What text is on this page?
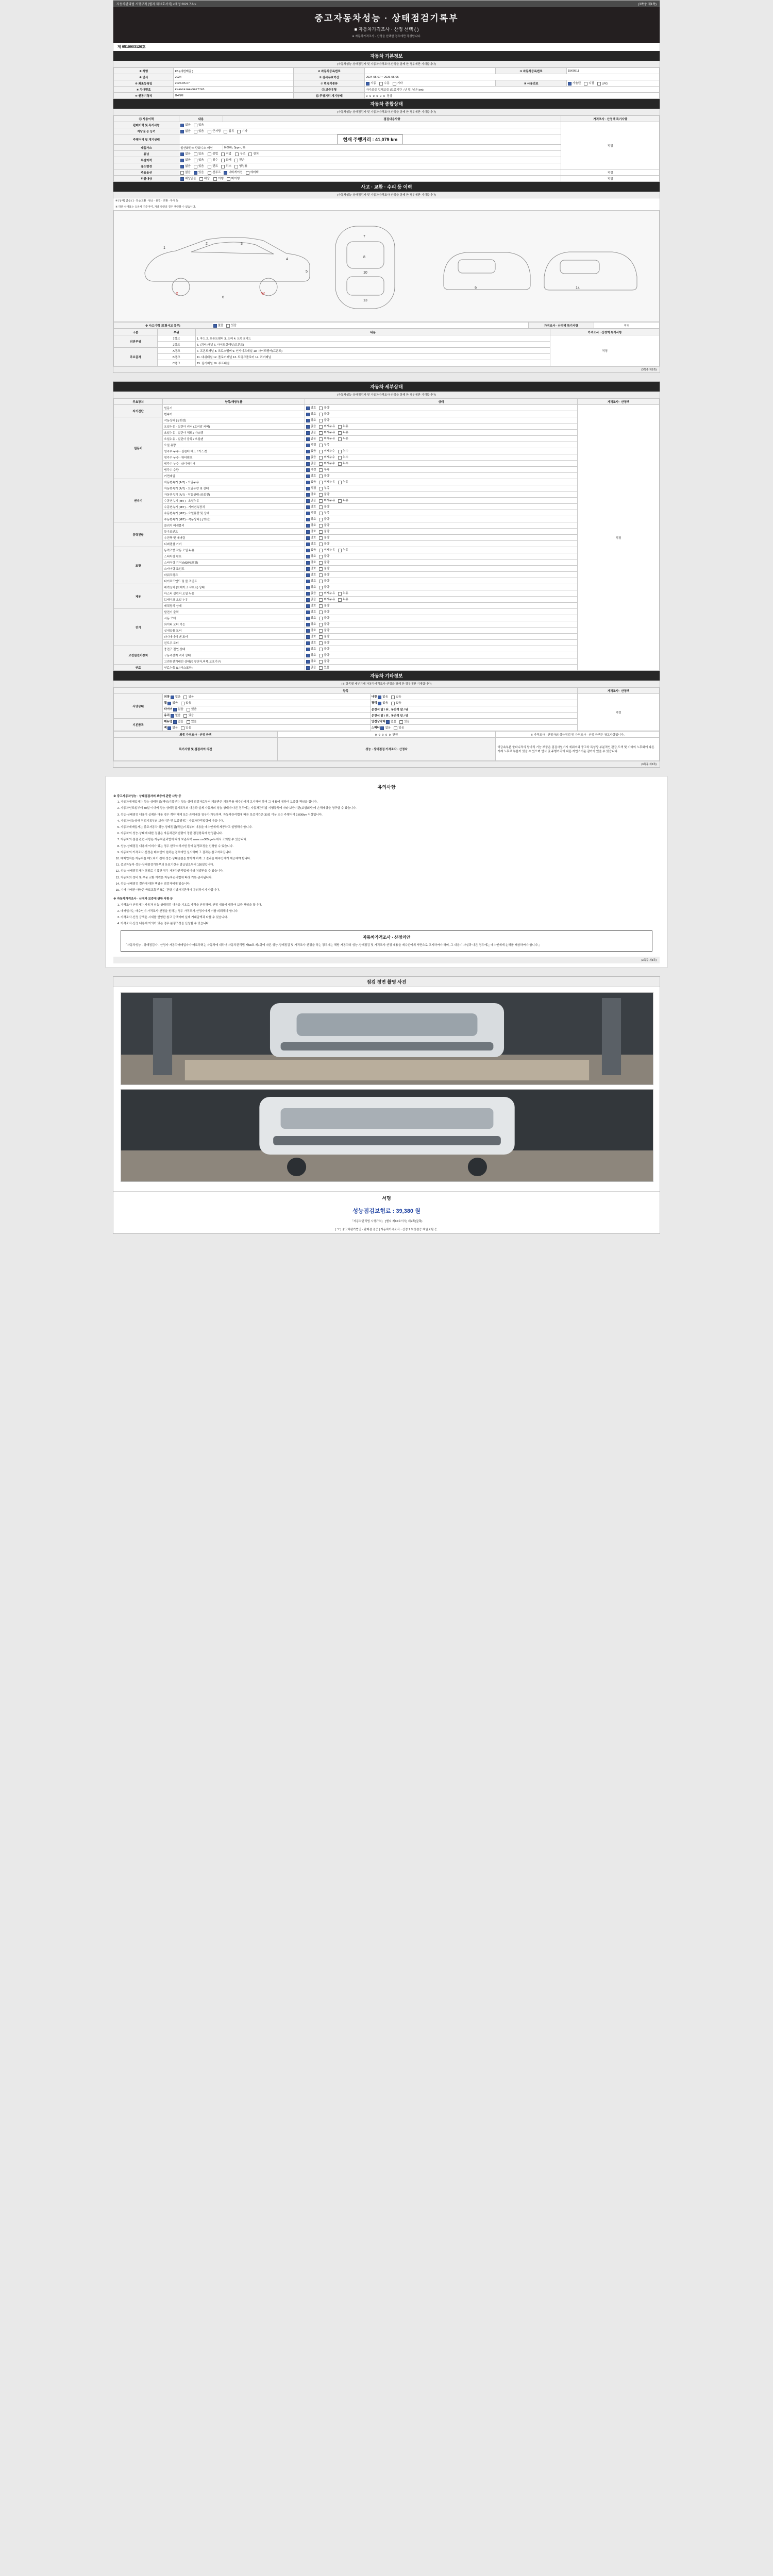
자동차관리법 시행규칙 [별지 제82호서식] <개정 2021.7.6.>	(3쪽중 제1쪽)
중고자동차성능 · 상태점검기록부
■ 자동차가격조사 · 산정 선택 ( )
※ 자동차가격조사 · 산정을 선택한 경우에만 작성합니다.
제 9510903120호
자동차 기본정보
(자동차성능·상태점검자 및 자동차가격조사·산정을 함께 한 경우에만 기재합니다)
① 차명	K5 (세번째골 )	② 자동차등록번호		③ 자동차등록번호	15K0511
④ 연식	2024	⑤ 검사유효기간	2024-05-07 ~ 2026-05-06		
⑥ 최초등록일	2024-05-07	⑦ 변속기종류	자동 수동 기타	⑧ 사용연료	가솔린 디젤 LPG
⑨ 차대번호	KNAG241WAN5977705	⑪ 보증유형	자가보증 업체보증 (보증기간 : 년 월, 남은 km)		
⑩ 원동기형식	G4NM	⑫ 주행거리 계기상태	0 0 0 0 0 0 정상		
자동차 종합상태
(자동차성능·상태점검자 및 자동차가격조사·산정을 함께 한 경우에만 기재합니다)
⑬ 사용이력	내용	점검내용사항	가격조사 · 산정액 특기사항
판매이력 및 특기사항	없음 있음		적정
저당권 등 등기	없음 있음 근저당 압류 기타		
주행거리 및 계기상태	현재 주행거리 : 41,079 km		

배출가스	일산화탄소 탄화수소 매연	0.00%, 3ppm, %	
튜닝	없음 있음 불법 적법 구조 장치		
특별이력	없음 있음 침수 화재 전손		
용도변경	없음 있음 렌트 리스 영업용		
주요옵션	없음 있음 선루프 내비게이션 에어백		적정
리콜대상	해당없음 해당 이행 미이행		적정
사고 · 교환 · 수리 등 이력
(자동차성능·상태점검자 및 자동차가격조사·산정을 함께 한 경우에만 기재합니다)
※ (상태) 없음 ( ) · 단순교환 · 판금 · 용접 · 교환 · 부식 등
※ 하단 상태표는 승용차 기준이며, 기타 차량의 경우 생략할 수 있습니다.
1
2	3
4
5
6
7
8
10
13
9	14
X	W
※ 사고이력 (보험사고 유무)	없음	있음	가격조사 · 산정액 특기사항	적정
구분	부위	내용	가격조사 · 산정액 특기사항
외판부위	1랭크	1. 후드 2. 프론트펜더 3. 도어 4. 트렁크리드	적정
	2랭크	5. (쿼터)패널 6. 사이드실패널(프론트)	
주요골격	A랭크	7. 프론트패널 8. 크로스멤버 9. 인사이드패널 10. 사이드멤버(프론트)	
	B랭크	11. 대쉬패널 12. 플로어패널 13. 트렁크플로어 14. 리어패널	
	C랭크	15. 필러패널 16. 루프패널	
(3쪽중 제1쪽)
자동차 세부상태
(자동차성능·상태점검자 및 자동차가격조사·산정을 함께 한 경우에만 기재합니다)
주요장치	항목/해당부품	상태	가격조사 · 산정액
자기진단	원동기	양호 불량	적정
	변속기	양호 불량	
원동기	작동상태 (공회전)	양호 불량	
	오일누유 - 실린더 커버 (로커암 커버)	없음 미세누유 누유	
	오일누유 - 실린더 헤드 / 가스켓	없음 미세누유 누유	
	오일누유 - 실린더 블록 / 오일팬	없음 미세누유 누유	
	오일 유량	적정 부족	
	냉각수 누수 - 실린더 헤드 / 가스켓	없음 미세누수 누수	
	냉각수 누수 - 워터펌프	없음 미세누수 누수	
	냉각수 누수 - 라디에이터	없음 미세누수 누수	
	냉각수 수량	적정 부족	
	커먼레일	양호 불량	
변속기	자동변속기 (A/T) - 오일누유	없음 미세누유 누유	
	자동변속기 (A/T) - 오일유량 및 상태	적정 부족	
	자동변속기 (A/T) - 작동상태 (공회전)	양호 불량	
	수동변속기 (M/T) - 오일누유	없음 미세누유 누유	
	수동변속기 (M/T) - 기어변속장치	양호 불량	
	수동변속기 (M/T) - 오일유량 및 상태	적정 부족	
	수동변속기 (M/T) - 작동상태 (공회전)	양호 불량	
동력전달	클러치 어셈블리	양호 불량	
	등속조인트	양호 불량	
	추진축 및 베어링	양호 불량	
	디퍼렌셜 기어	양호 불량	
조향	동력조향 작동 오일 누유	없음 미세누유 누유	
	스티어링 펌프	양호 불량	
	스티어링 기어 (MDPS포함)	양호 불량	
	스티어링 조인트	양호 불량	
	파워크랭크	양호 불량	
	타이로드엔드 및 볼 조인트	양호 불량	
제동	배력장치 (브레이크 샤프트) 상태	양호 불량	
	마스터 실린더 오일 누유	없음 미세누유 누유	
	브레이크 오일 누유	없음 미세누유 누유	
	배력장치 상태	양호 불량	
전기	발전기 출력	양호 불량	
	시동 모터	양호 불량	
	와이퍼 모터 기능	양호 불량	
	실내송풍 모터	양호 불량	
	라디에이터 팬 모터	양호 불량	
	윈도우 모터	양호 불량	
고전원전기장치	충전구 절연 상태	양호 불량	
	구동축전지 격리 상태	양호 불량	
	고전원전기배선 상태(접속단자,피복,보호기구)	양호 불량	
연료	연료누출 (LP가스포함)	없음 있음	
자동차 기타정보
(※ 항목별 세부기재 자동차가격조사·산정을 함께 한 경우에만 기재합니다)
항목			가격조사 · 산정액
사양상태	외장 없음 있음	내장 없음 있음	적정
	휠 없음 있음	광택 없음 있음	
	타이어 없음 있음	운전석 앞 / 뒤 , 동반석 앞 / 뒤	
	유리 없음 있음	운전석 앞 / 뒤 , 동반석 앞 / 뒤	
기본품목	매뉴얼 없음 있음	안전삼각대 없음 있음	
	잭 없음 있음	스패너 없음 있음	
최종 가격조사 · 산정 금액	0 0 0 0 0 만원	※ 가격조사 · 산정자의 성능점검 및 가격조사 · 산정 금액은 참고사항입니다.
특기사항 및 점검자의 의견	성능 · 상태점검 가격조사 · 산정자	비금속부분 줄파니적의 말바직 기능 부품은 검검사일버시 세워져와 중고차 특성상 부분적인 판금,도색 및 기타의 노후화에 따른 기계 노후로 부분이 있을 수 있으며 연식 및 주행거리에 따른 자연스러운 감가가 있을 수 있습니다.
(3쪽중 제2쪽)
유의사항
※ 중고자동차성능 · 상태점검자의 보증에 관한 사항 등
1. 자동차매매업자는 성능·상태점검(책임)기록부는 성능·상태 점검자로부터 제공받은 기록부를 매수인에게 고지해야 하며 그 내용에 대하여 보증할 책임을 집니다.
2. 자동차인도일부터 30일 이내에 성능·상태점검기록부의 내용과 실제 자동차의 성능·상태가 다른 경우에는 자동차관리법 시행규칙에 따라 보증기관(보험회사)에 손해배상을 청구할 수 있습니다.
3. 성능·상태점검 내용이 실제와 다를 경우 계약 해제 또는 손해배상 청구가 가능하며, 자동차관리법에 따른 보증기간은 30일 이상 또는 주행거리 2,000km 이상입니다.
4. 자동차성능상태 점검기록부의 보증기간 및 보증범위는 자동차관리법령에 따릅니다.
5. 자동차매매업자는 중고자동차 성능·상태점검(책임)기록부의 내용을 매수인에게 제공하고 설명해야 합니다.
6. 자동차의 성능·상태에 대한 점검은 자동차관리법령이 정한 점검항목에 한정됩니다.
7. 자동차의 점검 관련 사항은 자동차관리법에 따라 보존되며 www.car365.go.kr에서 조회할 수 있습니다.
8. 성능·상태점검 내용에 이의가 있는 경우 한국소비자원 등에 분쟁조정을 신청할 수 있습니다.
9. 자동차의 가격조사·산정은 매수인이 원하는 경우에만 실시하며 그 결과는 참고자료입니다.
10. 매매업자는 자동차를 매도하기 전에 성능·상태점검을 받아야 하며 그 결과를 매수인에게 제공해야 합니다.
11. 중고자동차 성능·상태점검기록부의 유효기간은 발급일로부터 120일입니다.
12. 성능·상태점검자가 허위로 기록한 경우 자동차관리법에 따라 처벌받을 수 있습니다.
13. 자동차의 정비 및 부품 교환 이력은 자동차관리법에 따라 기록·관리됩니다.
14. 성능·상태점검 결과에 대한 책임은 점검자에게 있습니다.
15. 기타 자세한 사항은 국토교통부 또는 관할 지방자치단체에 문의하시기 바랍니다.
※ 자동차가격조사 · 산정자 보증에 관한 사항 등
1. 가격조사·산정자는 자동차 성능·상태점검 내용을 기초로 가격을 산정하며, 산정 내용에 대하여 보증 책임을 집니다.
2. 매매업자는 매수인이 가격조사·산정을 원하는 경우 가격조사·산정자에게 이를 의뢰해야 합니다.
3. 가격조사·산정 금액은 시세를 반영한 참고 금액이며 실제 거래금액과 다를 수 있습니다.
4. 가격조사·산정 내용에 이의가 있는 경우 분쟁조정을 신청할 수 있습니다.
자동차가격조사 · 산정의안
「자동차성능 · 상태점검자 · 산정자 자동차매매업자가 매도하려는 자동차에 대하여 자동차관리법 제58조 제1항에 따른 성능·상태점검 및 가격조사·산정을 하는 경우에는 해당 자동차의 성능·상태점검 및 가격조사·산정 내용을 매수인에게 서면으로 고지하여야 하며, 그 내용이 사실과 다른 경우에는 매수인에게 손해를 배상하여야 합니다.」
(3쪽중 제3쪽)
점검 정면 촬영 사진
서명
성능점검보험료 : 39,380 원
「자동차관리법 시행규칙」 [별지 제82호서식] 제2쪽(앞쪽)
( ㅜ ) 중고차평가법인 · 판매점 검증 | 자동차가격조사 · 산정 1 보장검증 책임보험 등.
